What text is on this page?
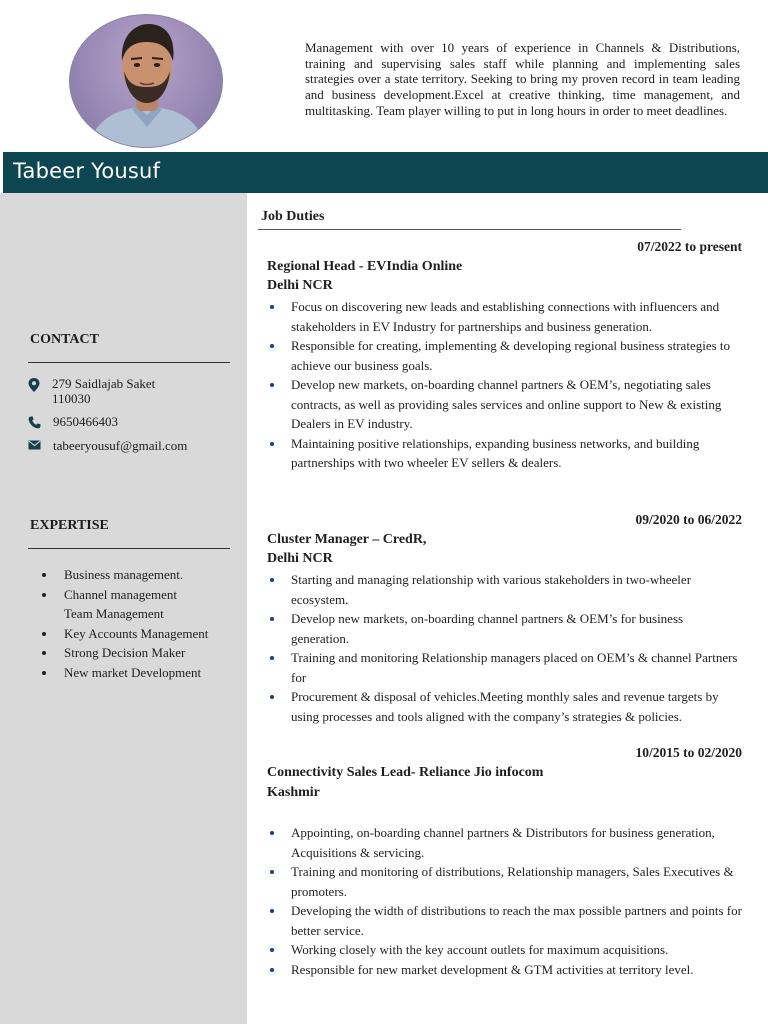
Management with over 10 years of experience in Channels & Distributions, training and supervising sales staff while planning and implementing sales strategies over a state territory. Seeking to bring my proven record in team leading and business development.Excel at creative thinking, time management, and multitasking. Team player willing to put in long hours in order to meet deadlines.

Tabeer Yousuf
CONTACT
279 Saidlajab Saket
110030
9650466403
tabeeryousuf@gmail.com
EXPERTISE
Business management.
Channel management
Team Management
Key Accounts Management
Strong Decision Maker
New market Development
Job Duties
07/2022 to present
Regional Head - EVIndia Online
Delhi NCR
Focus on discovering new leads and establishing connections with influencers and stakeholders in EV Industry for partnerships and business generation.
Responsible for creating, implementing & developing regional business strategies to achieve our business goals.
Develop new markets, on-boarding channel partners & OEM’s, negotiating sales contracts, as well as providing sales services and online support to New & existing Dealers in EV industry.
Maintaining positive relationships, expanding business networks, and building partnerships with two wheeler EV sellers & dealers.
09/2020 to 06/2022
Cluster Manager – CredR,
Delhi NCR
Starting and managing relationship with various stakeholders in two-wheeler ecosystem.
Develop new markets, on-boarding channel partners & OEM’s for business generation.
Training and monitoring Relationship managers placed on OEM’s & channel Partners for
Procurement & disposal of vehicles.Meeting monthly sales and revenue targets by using processes and tools aligned with the company’s strategies & policies.
10/2015 to 02/2020
Connectivity Sales Lead- Reliance Jio infocom
Kashmir
Appointing, on-boarding channel partners & Distributors for business generation, Acquisitions & servicing.
Training and monitoring of distributions, Relationship managers, Sales Executives & promoters.
Developing the width of distributions to reach the max possible partners and points for better service.
Working closely with the key account outlets for maximum acquisitions.
Responsible for new market development & GTM activities at territory level.
